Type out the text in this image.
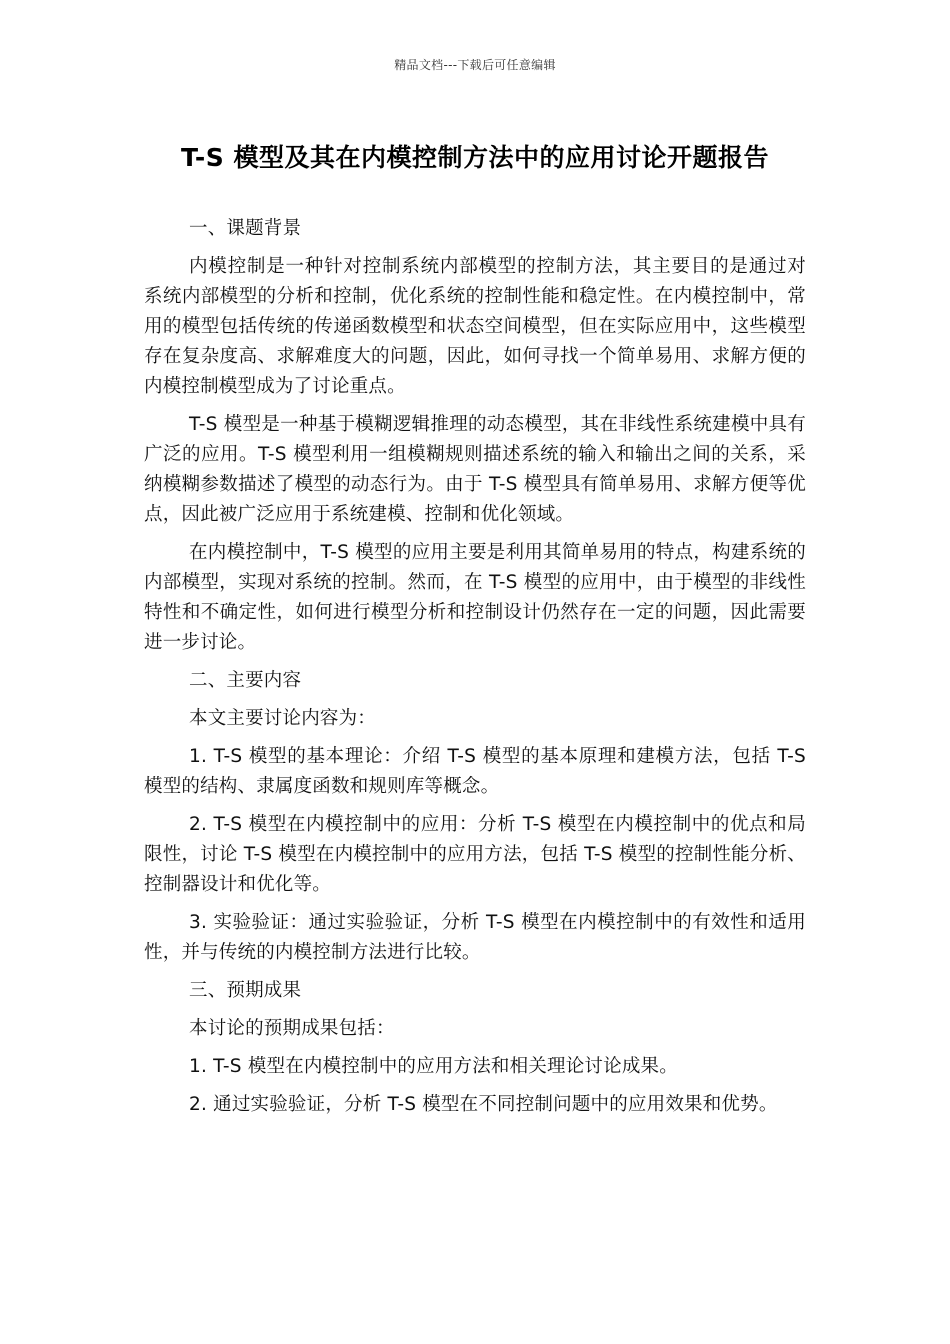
精品文档---下载后可任意编辑
T-S 模型及其在内模控制方法中的应用讨论开题报告

一、课题背景

内模控制是一种针对控制系统内部模型的控制方法，其主要目的是通过对系统内部模型的分析和控制，优化系统的控制性能和稳定性。在内模控制中，常用的模型包括传统的传递函数模型和状态空间模型，但在实际应用中，这些模型存在复杂度高、求解难度大的问题，因此，如何寻找一个简单易用、求解方便的内模控制模型成为了讨论重点。

T-S 模型是一种基于模糊逻辑推理的动态模型，其在非线性系统建模中具有广泛的应用。T-S 模型利用一组模糊规则描述系统的输入和输出之间的关系，采纳模糊参数描述了模型的动态行为。由于 T-S 模型具有简单易用、求解方便等优点，因此被广泛应用于系统建模、控制和优化领域。

在内模控制中，T-S 模型的应用主要是利用其简单易用的特点，构建系统的内部模型，实现对系统的控制。然而，在 T-S 模型的应用中，由于模型的非线性特性和不确定性，如何进行模型分析和控制设计仍然存在一定的问题，因此需要进一步讨论。

二、主要内容

本文主要讨论内容为：

1. T-S 模型的基本理论：介绍 T-S 模型的基本原理和建模方法，包括 T-S 模型的结构、隶属度函数和规则库等概念。

2. T-S 模型在内模控制中的应用：分析 T-S 模型在内模控制中的优点和局限性，讨论 T-S 模型在内模控制中的应用方法，包括 T-S 模型的控制性能分析、控制器设计和优化等。

3. 实验验证：通过实验验证，分析 T-S 模型在内模控制中的有效性和适用性，并与传统的内模控制方法进行比较。

三、预期成果

本讨论的预期成果包括：

1. T-S 模型在内模控制中的应用方法和相关理论讨论成果。

2. 通过实验验证，分析 T-S 模型在不同控制问题中的应用效果和优势。
